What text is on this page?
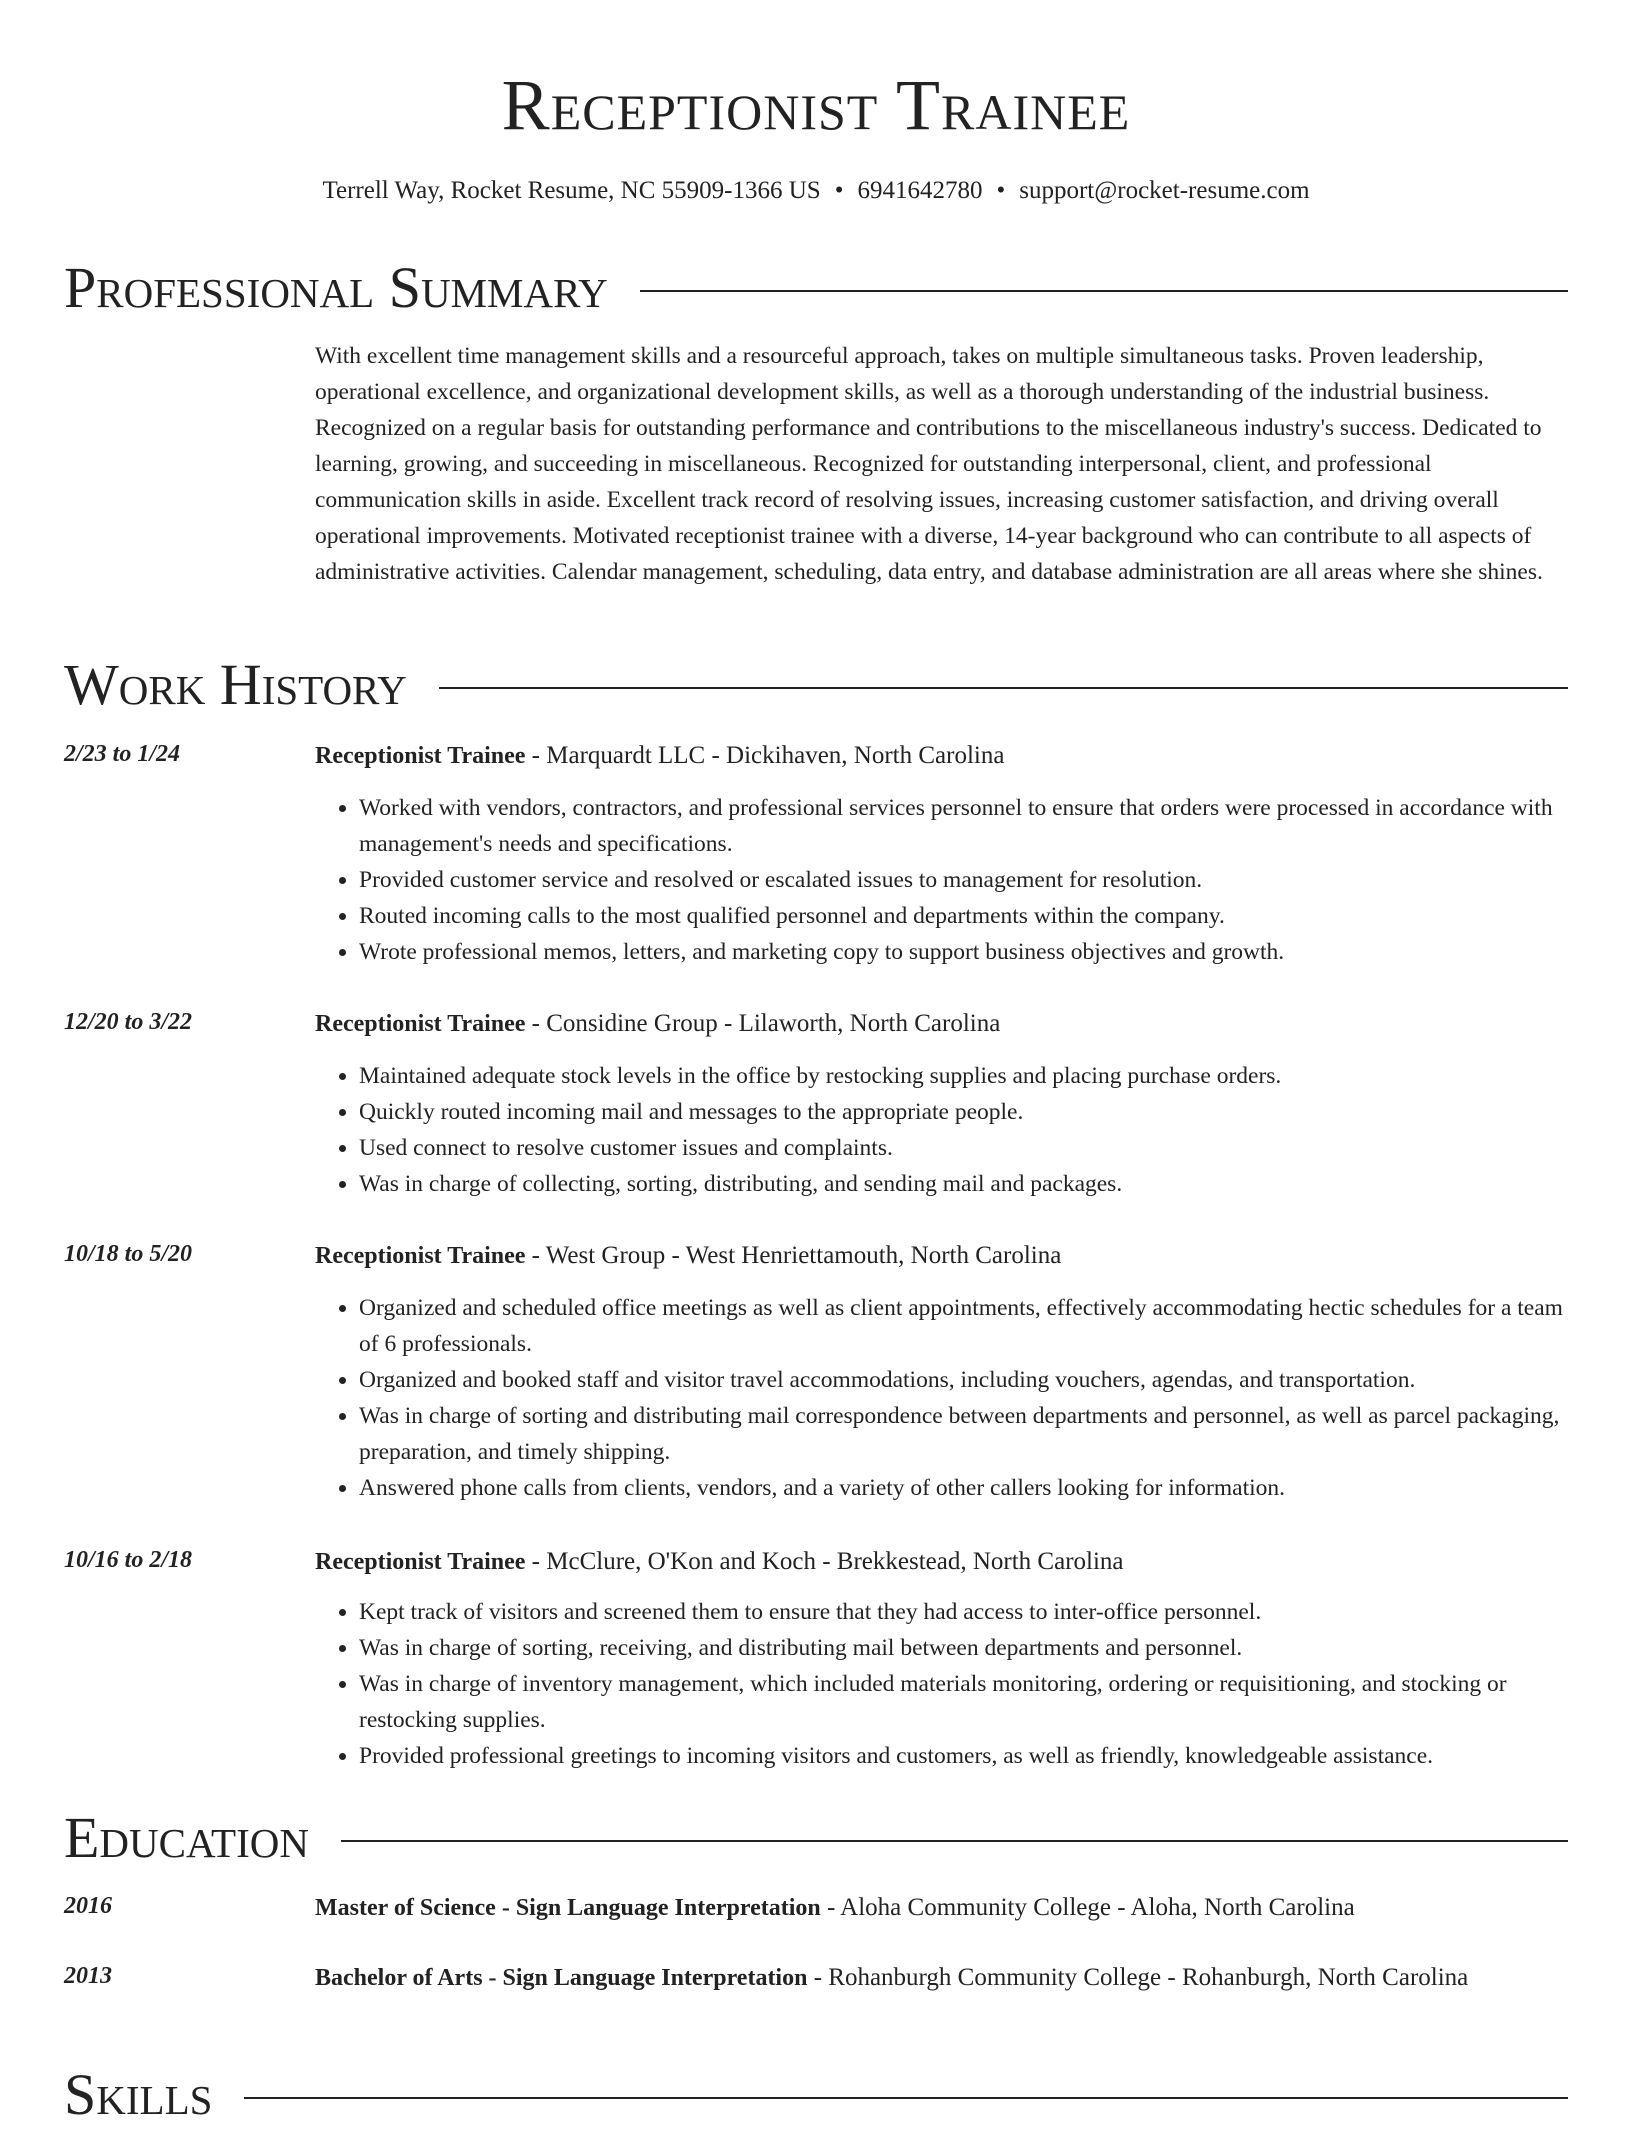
Receptionist Trainee
Terrell Way, Rocket Resume, NC 55909-1366 US • 6941642780 • support@rocket-resume.com
Professional Summary

With excellent time management skills and a resourceful approach, takes on multiple simultaneous tasks. Proven leadership, operational excellence, and organizational development skills, as well as a thorough understanding of the industrial business. Recognized on a regular basis for outstanding performance and contributions to the miscellaneous industry's success. Dedicated to learning, growing, and succeeding in miscellaneous. Recognized for outstanding interpersonal, client, and professional communication skills in aside. Excellent track record of resolving issues, increasing customer satisfaction, and driving overall operational improvements. Motivated receptionist trainee with a diverse, 14-year background who can contribute to all aspects of administrative activities. Calendar management, scheduling, data entry, and database administration are all areas where she shines.

Work History
2/23 to 1/24	Receptionist Trainee - Marquardt LLC - Dickihaven, North Carolina
• Worked with vendors, contractors, and professional services personnel to ensure that orders were processed in accordance with management's needs and specifications.
• Provided customer service and resolved or escalated issues to management for resolution.
• Routed incoming calls to the most qualified personnel and departments within the company.
• Wrote professional memos, letters, and marketing copy to support business objectives and growth.
12/20 to 3/22	Receptionist Trainee - Considine Group - Lilaworth, North Carolina
• Maintained adequate stock levels in the office by restocking supplies and placing purchase orders.
• Quickly routed incoming mail and messages to the appropriate people.
• Used connect to resolve customer issues and complaints.
• Was in charge of collecting, sorting, distributing, and sending mail and packages.
10/18 to 5/20	Receptionist Trainee - West Group - West Henriettamouth, North Carolina
• Organized and scheduled office meetings as well as client appointments, effectively accommodating hectic schedules for a team of 6 professionals.
• Organized and booked staff and visitor travel accommodations, including vouchers, agendas, and transportation.
• Was in charge of sorting and distributing mail correspondence between departments and personnel, as well as parcel packaging, preparation, and timely shipping.
• Answered phone calls from clients, vendors, and a variety of other callers looking for information.
10/16 to 2/18	Receptionist Trainee - McClure, O'Kon and Koch - Brekkestead, North Carolina
• Kept track of visitors and screened them to ensure that they had access to inter-office personnel.
• Was in charge of sorting, receiving, and distributing mail between departments and personnel.
• Was in charge of inventory management, which included materials monitoring, ordering or requisitioning, and stocking or restocking supplies.
• Provided professional greetings to incoming visitors and customers, as well as friendly, knowledgeable assistance.
Education
2016	Master of Science - Sign Language Interpretation - Aloha Community College - Aloha, North Carolina
2013	Bachelor of Arts - Sign Language Interpretation - Rohanburgh Community College - Rohanburgh, North Carolina
Skills
